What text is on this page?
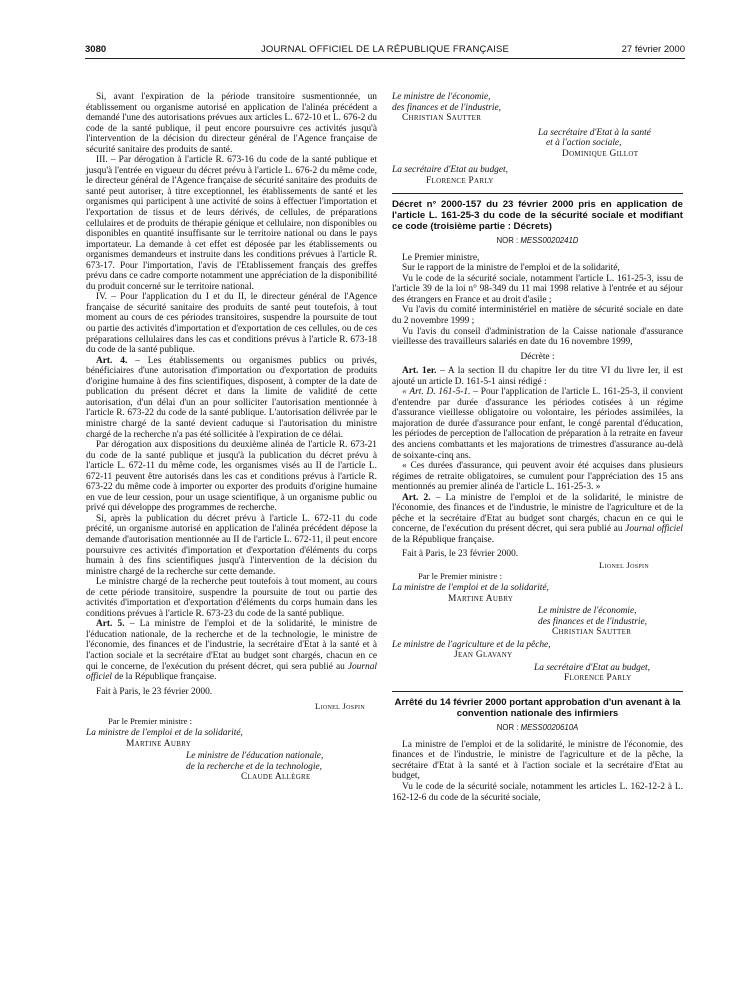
3080	JOURNAL OFFICIEL DE LA RÉPUBLIQUE FRANÇAISE	27 février 2000

Si, avant l'expiration de la période transitoire susmentionnée, un établissement ou organisme autorisé en application de l'alinéa précédent a demandé l'une des autorisations prévues aux articles L. 672-10 et L. 676-2 du code de la santé publique, il peut encore poursuivre ces activités jusqu'à l'intervention de la décision du directeur général de l'Agence française de sécurité sanitaire des produits de santé.

III. – Par dérogation à l'article R. 673-16 du code de la santé publique et jusqu'à l'entrée en vigueur du décret prévu à l'article L. 676-2 du même code, le directeur général de l'Agence française de sécurité sanitaire des produits de santé peut autoriser, à titre exceptionnel, les établissements de santé et les organismes qui participent à une activité de soins à effectuer l'importation et l'exportation de tissus et de leurs dérivés, de cellules, de préparations cellulaires et de produits de thérapie génique et cellulaire, non disponibles ou disponibles en quantité insuffisante sur le territoire national ou dans le pays importateur. La demande à cet effet est déposée par les établissements ou organismes demandeurs et instruite dans les conditions prévues à l'article R. 673-17. Pour l'importation, l'avis de l'Etablissement français des greffes prévu dans ce cadre comporte notamment une appréciation de la disponibilité du produit concerné sur le territoire national.

IV. – Pour l'application du I et du II, le directeur général de l'Agence française de sécurité sanitaire des produits de santé peut toutefois, à tout moment au cours de ces périodes transitoires, suspendre la poursuite de tout ou partie des activités d'importation et d'exportation de ces cellules, ou de ces préparations cellulaires dans les cas et conditions prévus à l'article R. 673-18 du code de la santé publique.

Art. 4. – Les établissements ou organismes publics ou privés, bénéficiaires d'une autorisation d'importation ou d'exportation de produits d'origine humaine à des fins scientifiques, disposent, à compter de la date de publication du présent décret et dans la limite de validité de cette autorisation, d'un délai d'un an pour solliciter l'autorisation mentionnée à l'article R. 673-22 du code de la santé publique. L'autorisation délivrée par le ministre chargé de la santé devient caduque si l'autorisation du ministre chargé de la recherche n'a pas été sollicitée à l'expiration de ce délai.

Par dérogation aux dispositions du deuxième alinéa de l'article R. 673-21 du code de la santé publique et jusqu'à la publication du décret prévu à l'article L. 672-11 du même code, les organismes visés au II de l'article L. 672-11 peuvent être autorisés dans les cas et conditions prévus à l'article R. 673-22 du même code à importer ou exporter des produits d'origine humaine en vue de leur cession, pour un usage scientifique, à un organisme public ou privé qui développe des programmes de recherche.

Si, après la publication du décret prévu à l'article L. 672-11 du code précité, un organisme autorisé en application de l'alinéa précédent dépose la demande d'autorisation mentionnée au II de l'article L. 672-11, il peut encore poursuivre ces activités d'importation et d'exportation d'éléments du corps humain à des fins scientifiques jusqu'à l'intervention de la décision du ministre chargé de la recherche sur cette demande.

Le ministre chargé de la recherche peut toutefois à tout moment, au cours de cette période transitoire, suspendre la poursuite de tout ou partie des activités d'importation et d'exportation d'éléments du corps humain dans les conditions prévues à l'article R. 673-23 du code de la santé publique.

Art. 5. – La ministre de l'emploi et de la solidarité, le ministre de l'éducation nationale, de la recherche et de la technologie, le ministre de l'économie, des finances et de l'industrie, la secrétaire d'Etat à la santé et à l'action sociale et la secrétaire d'Etat au budget sont chargés, chacun en ce qui le concerne, de l'exécution du présent décret, qui sera publié au Journal officiel de la République française.

Fait à Paris, le 23 février 2000.

Lionel Jospin
Par le Premier ministre :
La ministre de l'emploi et de la solidarité,
Martine Aubry
Le ministre de l'éducation nationale,
de la recherche et de la technologie,
Claude Allègre
Le ministre de l'économie,
des finances et de l'industrie,
Christian Sautter
La secrétaire d'Etat à la santé
et à l'action sociale,
Dominique Gillot
La secrétaire d'Etat au budget,
Florence Parly
Décret n° 2000-157 du 23 février 2000 pris en application de l'article L. 161-25-3 du code de la sécurité sociale et modifiant ce code (troisième partie : Décrets)
NOR : MESS0020241D

Le Premier ministre,

Sur le rapport de la ministre de l'emploi et de la solidarité,

Vu le code de la sécurité sociale, notamment l'article L. 161-25-3, issu de l'article 39 de la loi n° 98-349 du 11 mai 1998 relative à l'entrée et au séjour des étrangers en France et au droit d'asile ;

Vu l'avis du comité interministériel en matière de sécurité sociale en date du 2 novembre 1999 ;

Vu l'avis du conseil d'administration de la Caisse nationale d'assurance vieillesse des travailleurs salariés en date du 16 novembre 1999,

Décrète :

Art. 1er. – A la section II du chapitre Ier du titre VI du livre Ier, il est ajouté un article D. 161-5-1 ainsi rédigé :

« Art. D. 161-5-1. – Pour l'application de l'article L. 161-25-3, il convient d'entendre par durée d'assurance les périodes cotisées à un régime d'assurance vieillesse obligatoire ou volontaire, les périodes assimilées, la majoration de durée d'assurance pour enfant, le congé parental d'éducation, les périodes de perception de l'allocation de préparation à la retraite en faveur des anciens combattants et les majorations de trimestres d'assurance au-delà de soixante-cinq ans.

« Ces durées d'assurance, qui peuvent avoir été acquises dans plusieurs régimes de retraite obligatoires, se cumulent pour l'appréciation des 15 ans mentionnés au premier alinéa de l'article L. 161-25-3. »

Art. 2. – La ministre de l'emploi et de la solidarité, le ministre de l'économie, des finances et de l'industrie, le ministre de l'agriculture et de la pêche et la secrétaire d'Etat au budget sont chargés, chacun en ce qui le concerne, de l'exécution du présent décret, qui sera publié au Journal officiel de la République française.

Fait à Paris, le 23 février 2000.

Lionel Jospin
Par le Premier ministre :
La ministre de l'emploi et de la solidarité,
Martine Aubry
Le ministre de l'économie,
des finances et de l'industrie,
Christian Sautter
Le ministre de l'agriculture et de la pêche,
Jean Glavany
La secrétaire d'Etat au budget,
Florence Parly
Arrêté du 14 février 2000 portant approbation d'un avenant à la convention nationale des infirmiers
NOR : MESS0020610A

La ministre de l'emploi et de la solidarité, le ministre de l'économie, des finances et de l'industrie, le ministre de l'agriculture et de la pêche, la secrétaire d'Etat à la santé et à l'action sociale et la secrétaire d'Etat au budget,

Vu le code de la sécurité sociale, notamment les articles L. 162-12-2 à L. 162-12-6 du code de la sécurité sociale,
